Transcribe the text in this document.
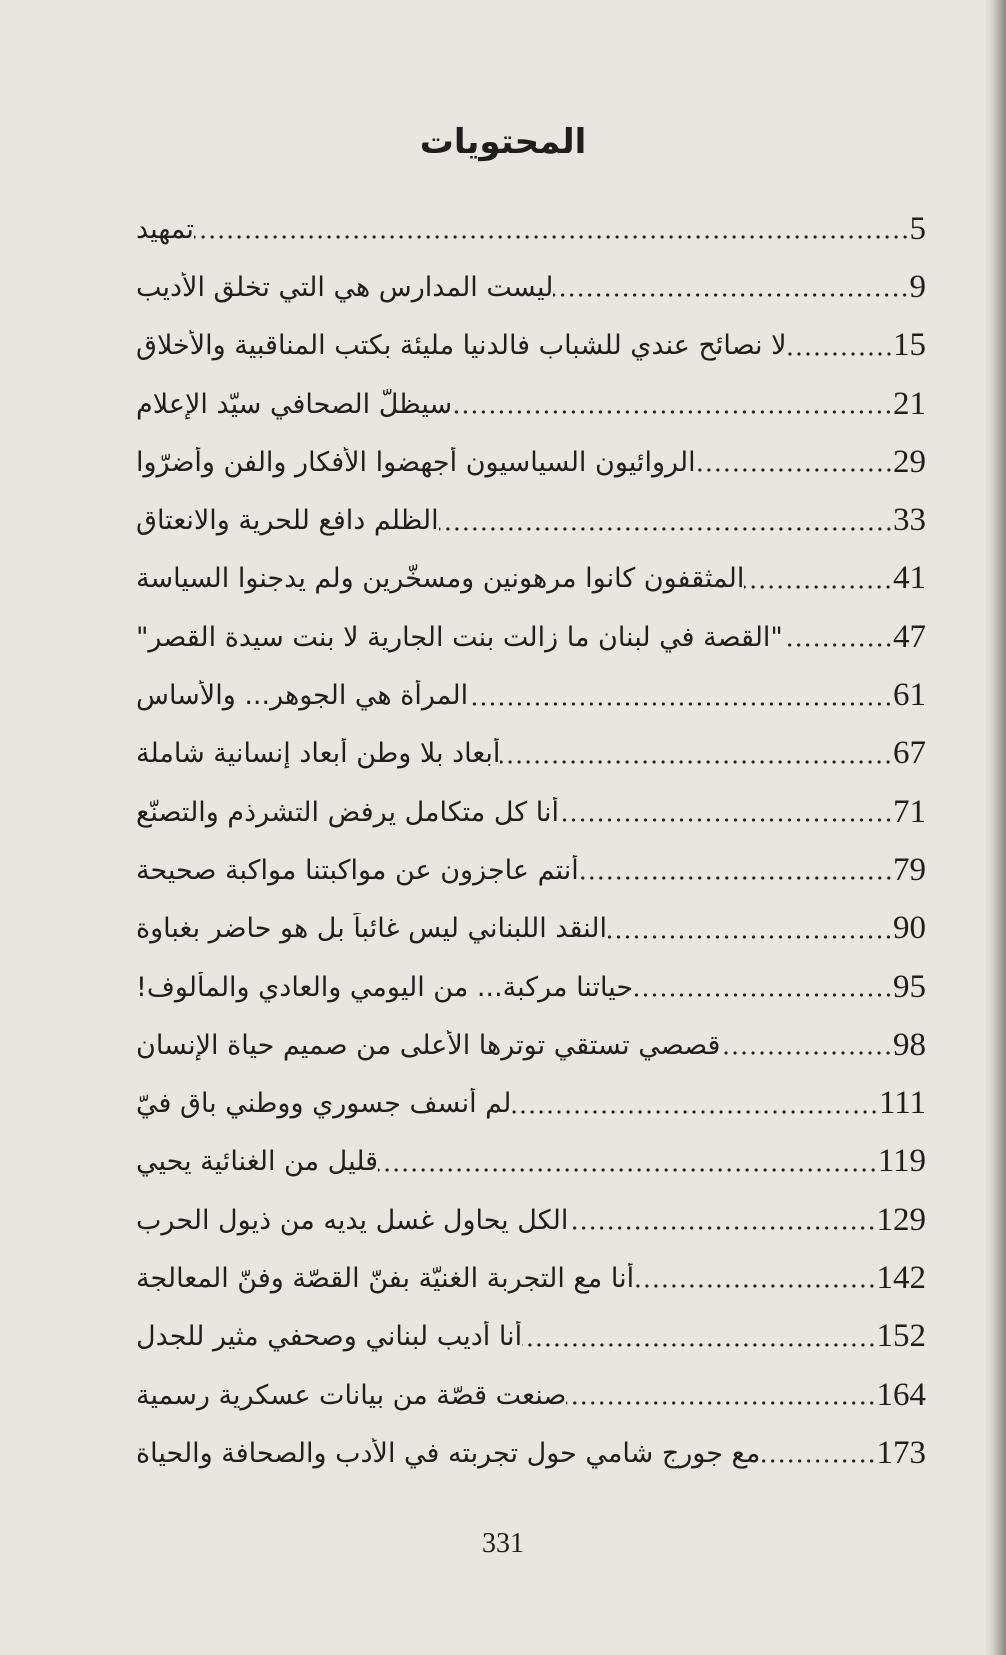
المحتويات
تمهيد	5
ليست المدارس هي التي تخلق الأديب	9
لا نصائح عندي للشباب فالدنيا مليئة بكتب المناقبية والأخلاق	15
سيظلّ الصحافي سيّد الإعلام	21
الروائيون السياسيون أجهضوا الأفكار والفن وأضرّوا	29
الظلم دافع للحرية والانعتاق	33
المثقفون كانوا مرهونين ومسخّرين ولم يدجنوا السياسة	41
"القصة في لبنان ما زالت بنت الجارية لا بنت سيدة القصر"	47
المرأة هي الجوهر... والأساس	61
أبعاد بلا وطن أبعاد إنسانية شاملة	67
أنا كل متكامل يرفض التشرذم والتصنّع	71
أنتم عاجزون عن مواكبتنا مواكبة صحيحة	79
النقد اللبناني ليس غائباً بل هو حاضر بغباوة	90
حياتنا مركبة... من اليومي والعادي والمألوف!	95
قصصي تستقي توترها الأعلى من صميم حياة الإنسان	98
لم أنسف جسوري ووطني باقٍ فيّ	111
قليل من الغنائية يحيي	119
الكل يحاول غسل يديه من ذيول الحرب	129
أنا مع التجربة الغنيّة بفنّ القصّة وفنّ المعالجة	142
أنا أديب لبناني وصحفي مثير للجدل	152
صنعت قصّة من بيانات عسكرية رسمية	164
مع جورج شامي حول تجربته في الأدب والصحافة والحياة	173
331
